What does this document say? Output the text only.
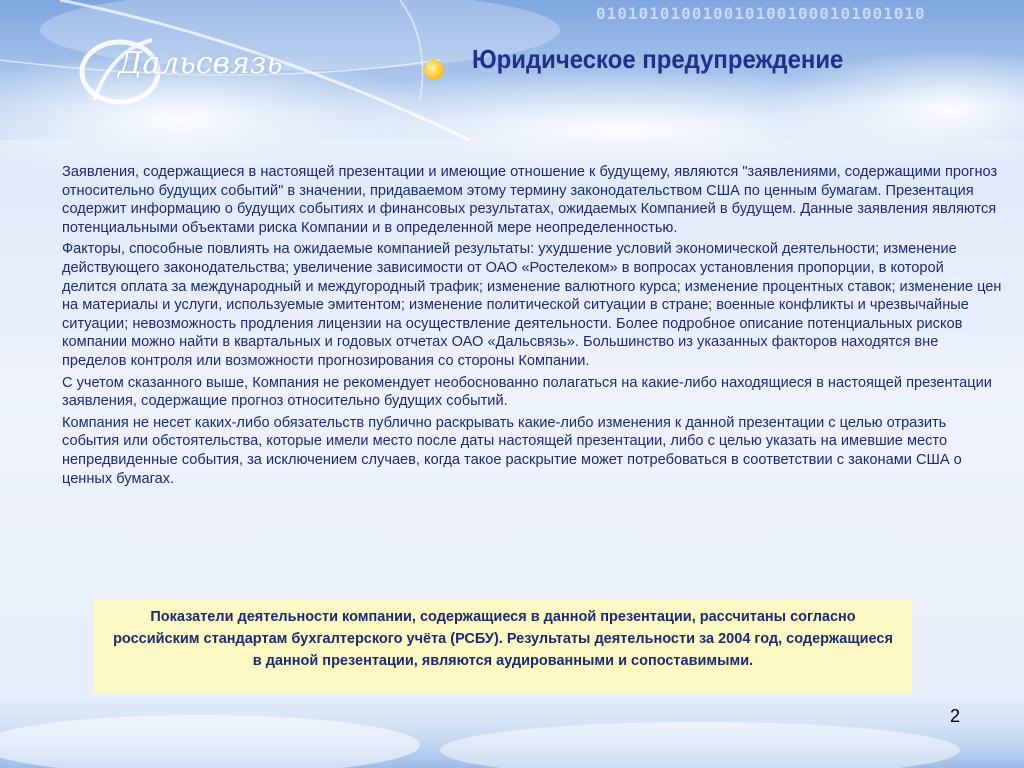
Дальсвязь
0101010100100101001000101001010
Юридическое предупреждение

Заявления, содержащиеся в настоящей презентации и имеющие отношение к будущему, являются "заявлениями, содержащими прогноз относительно будущих событий" в значении, придаваемом этому термину законодательством США по ценным бумагам. Презентация содержит информацию о будущих событиях и финансовых результатах, ожидаемых Компанией в будущем. Данные заявления являются потенциальными объектами риска Компании и в определенной мере неопределенностью.

Факторы, способные повлиять на ожидаемые компанией результаты: ухудшение условий экономической деятельности; изменение действующего законодательства; увеличение зависимости от ОАО «Ростелеком» в вопросах установления пропорции, в которой делится оплата за международный и междугородный трафик; изменение валютного курса; изменение процентных ставок; изменение цен на материалы и услуги, используемые эмитентом; изменение политической ситуации в стране; военные конфликты и чрезвычайные ситуации; невозможность продления лицензии на осуществление деятельности. Более подробное описание потенциальных рисков компании можно найти в квартальных и годовых отчетах ОАО «Дальсвязь». Большинство из указанных факторов находятся вне пределов контроля или возможности прогнозирования со стороны Компании.

С учетом сказанного выше, Компания не рекомендует необоснованно полагаться на какие-либо находящиеся в настоящей презентации заявления, содержащие прогноз относительно будущих событий.

Компания не несет каких-либо обязательств публично раскрывать какие-либо изменения к данной презентации с целью отразить события или обстоятельства, которые имели место после даты настоящей презентации, либо с целью указать на имевшие место непредвиденные события, за исключением случаев, когда такое раскрытие может потребоваться в соответствии с законами США о ценных бумагах.

Показатели деятельности компании, содержащиеся в данной презентации, рассчитаны согласно российским стандартам бухгалтерского учёта (РСБУ). Результаты деятельности за 2004 год, содержащиеся в данной презентации, являются аудированными и сопоставимыми.
2
